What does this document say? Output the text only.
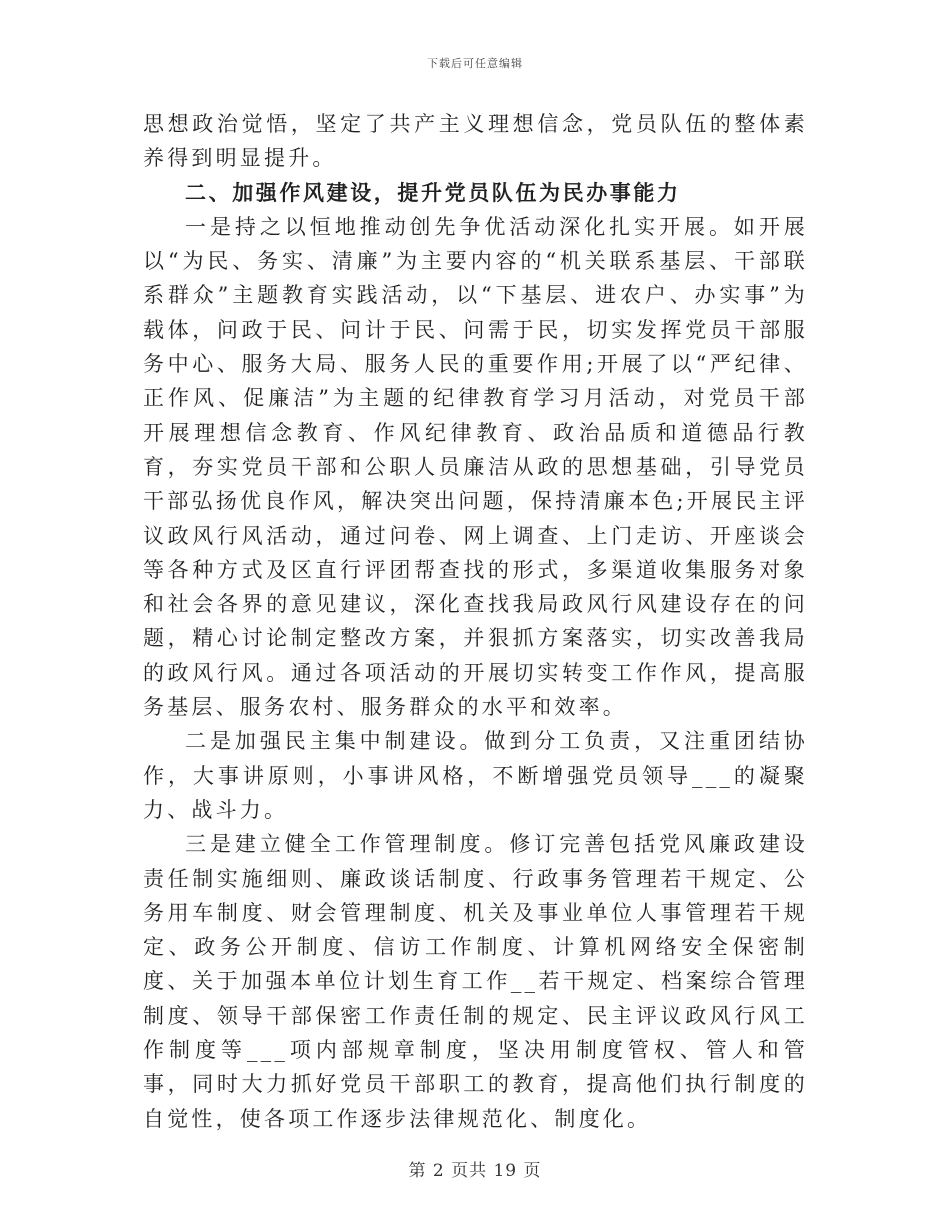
下载后可任意编辑

思想政治觉悟，坚定了共产主义理想信念，党员队伍的整体素养得到明显提升。

二、加强作风建设，提升党员队伍为民办事能力

一是持之以恒地推动创先争优活动深化扎实开展。如开展以“为民、务实、清廉”为主要内容的“机关联系基层、干部联系群众”主题教育实践活动，以“下基层、进农户、办实事”为载体，问政于民、问计于民、问需于民，切实发挥党员干部服务中心、服务大局、服务人民的重要作用;开展了以“严纪律、正作风、促廉洁”为主题的纪律教育学习月活动，对党员干部开展理想信念教育、作风纪律教育、政治品质和道德品行教育，夯实党员干部和公职人员廉洁从政的思想基础，引导党员干部弘扬优良作风，解决突出问题，保持清廉本色;开展民主评议政风行风活动，通过问卷、网上调查、上门走访、开座谈会等各种方式及区直行评团帮查找的形式，多渠道收集服务对象和社会各界的意见建议，深化查找我局政风行风建设存在的问题，精心讨论制定整改方案，并狠抓方案落实，切实改善我局的政风行风。通过各项活动的开展切实转变工作作风，提高服务基层、服务农村、服务群众的水平和效率。

二是加强民主集中制建设。做到分工负责，又注重团结协作，大事讲原则，小事讲风格，不断增强党员领导___的凝聚力、战斗力。

三是建立健全工作管理制度。修订完善包括党风廉政建设责任制实施细则、廉政谈话制度、行政事务管理若干规定、公务用车制度、财会管理制度、机关及事业单位人事管理若干规定、政务公开制度、信访工作制度、计算机网络安全保密制度、关于加强本单位计划生育工作__若干规定、档案综合管理制度、领导干部保密工作责任制的规定、民主评议政风行风工作制度等___项内部规章制度，坚决用制度管权、管人和管事，同时大力抓好党员干部职工的教育，提高他们执行制度的自觉性，使各项工作逐步法律规范化、制度化。

第 2 页共 19 页
